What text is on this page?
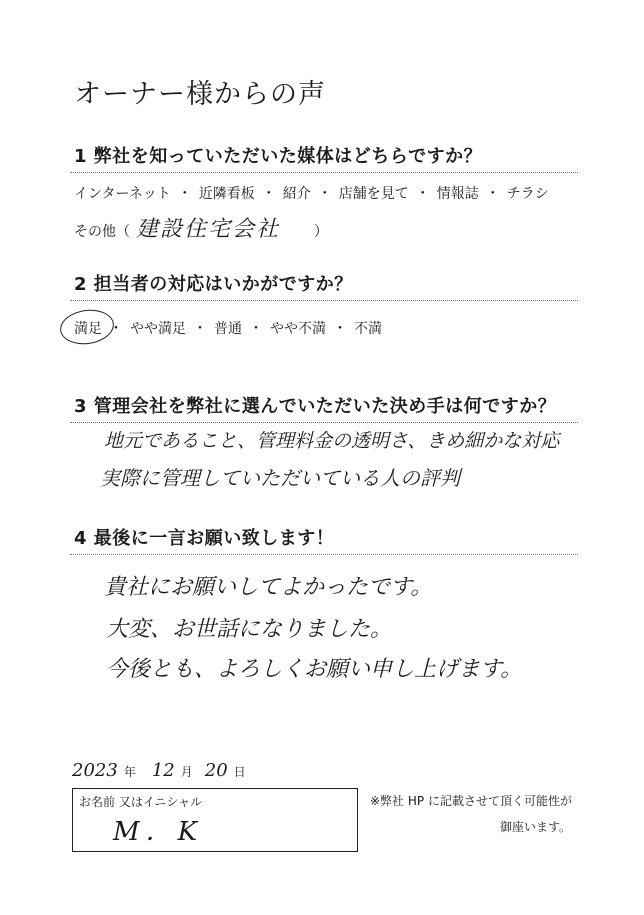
オーナー様からの声
1 弊社を知っていただいた媒体はどちらですか？
インターネット ・ 近隣看板 ・ 紹介 ・ 店舗を見て ・ 情報誌 ・ チラシ
その他（ 建設住宅会社 ）
2 担当者の対応はいかがですか？
満足 ・ やや満足 ・ 普通 ・ やや不満 ・ 不満
3 管理会社を弊社に選んでいただいた決め手は何ですか？
地元であること、管理料金の透明さ、きめ細かな対応
実際に管理していただいている人の評判
4 最後に一言お願い致します！
貴社にお願いしてよかったです。
大変、お世話になりました。
今後とも、よろしくお願い申し上げます。
2023 年 12 月 20 日
お名前 又はイニシャル
M．K
※弊社 HP に記載させて頂く可能性が
御座います。
